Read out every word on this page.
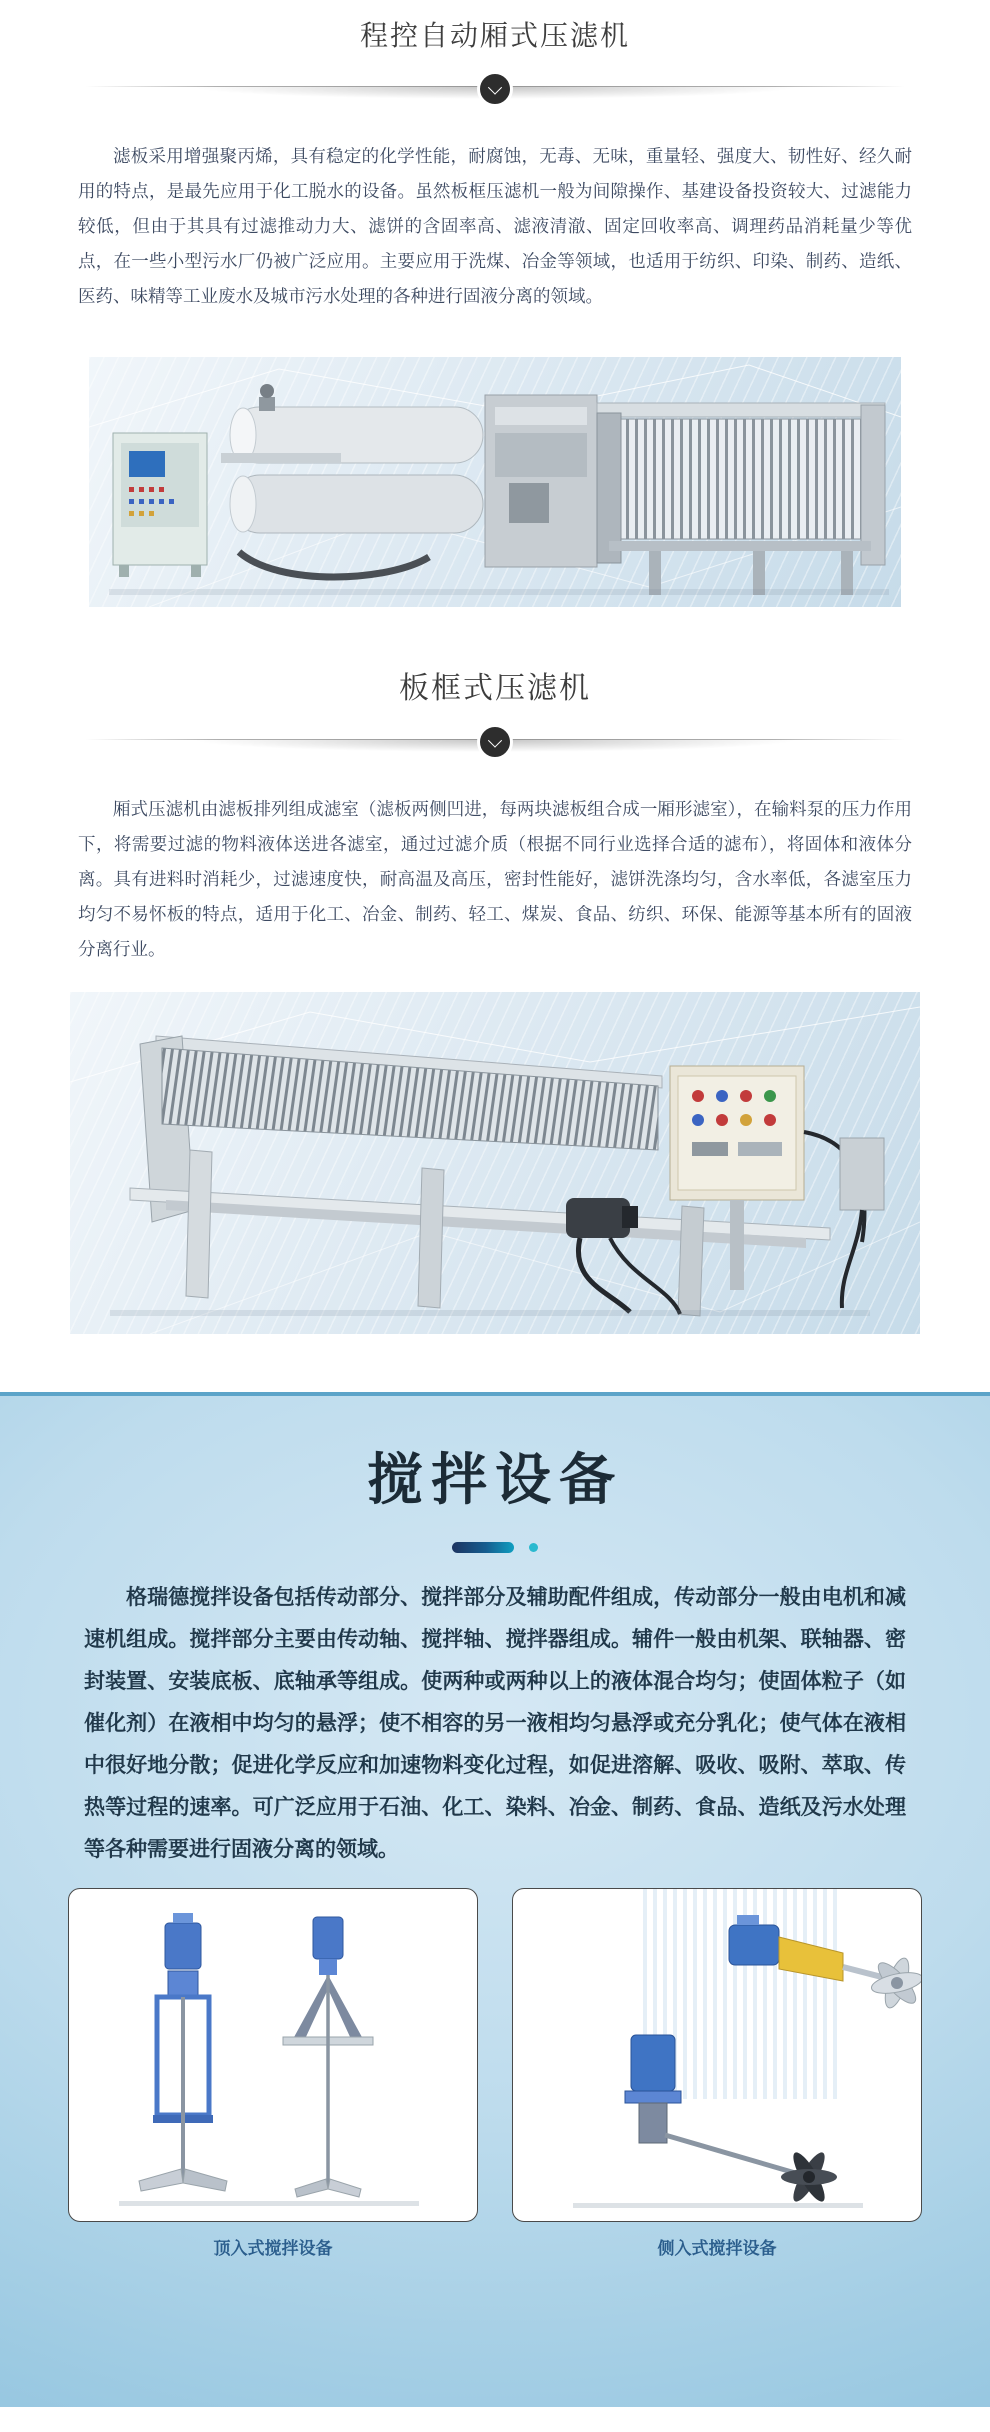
程控自动厢式压滤机

滤板采用增强聚丙烯，具有稳定的化学性能，耐腐蚀，无毒、无味，重量轻、强度大、韧性好、经久耐用的特点，是最先应用于化工脱水的设备。虽然板框压滤机一般为间隙操作、基建设备投资较大、过滤能力较低，但由于其具有过滤推动力大、滤饼的含固率高、滤液清澈、固定回收率高、调理药品消耗量少等优点，在一些小型污水厂仍被广泛应用。主要应用于洗煤、冶金等领域，也适用于纺织、印染、制药、造纸、医药、味精等工业废水及城市污水处理的各种进行固液分离的领域。

板框式压滤机

厢式压滤机由滤板排列组成滤室（滤板两侧凹进，每两块滤板组合成一厢形滤室），在输料泵的压力作用下，将需要过滤的物料液体送进各滤室，通过过滤介质（根据不同行业选择合适的滤布），将固体和液体分离。具有进料时消耗少，过滤速度快，耐高温及高压，密封性能好，滤饼洗涤均匀，含水率低，各滤室压力均匀不易怀板的特点，适用于化工、冶金、制药、轻工、煤炭、食品、纺织、环保、能源等基本所有的固液分离行业。

搅拌设备

格瑞德搅拌设备包括传动部分、搅拌部分及辅助配件组成，传动部分一般由电机和减速机组成。搅拌部分主要由传动轴、搅拌轴、搅拌器组成。辅件一般由机架、联轴器、密封装置、安装底板、底轴承等组成。使两种或两种以上的液体混合均匀；使固体粒子（如催化剂）在液相中均匀的悬浮；使不相容的另一液相均匀悬浮或充分乳化；使气体在液相中很好地分散；促进化学反应和加速物料变化过程，如促进溶解、吸收、吸附、萃取、传热等过程的速率。可广泛应用于石油、化工、染料、冶金、制药、食品、造纸及污水处理等各种需要进行固液分离的领域。

顶入式搅拌设备	侧入式搅拌设备
